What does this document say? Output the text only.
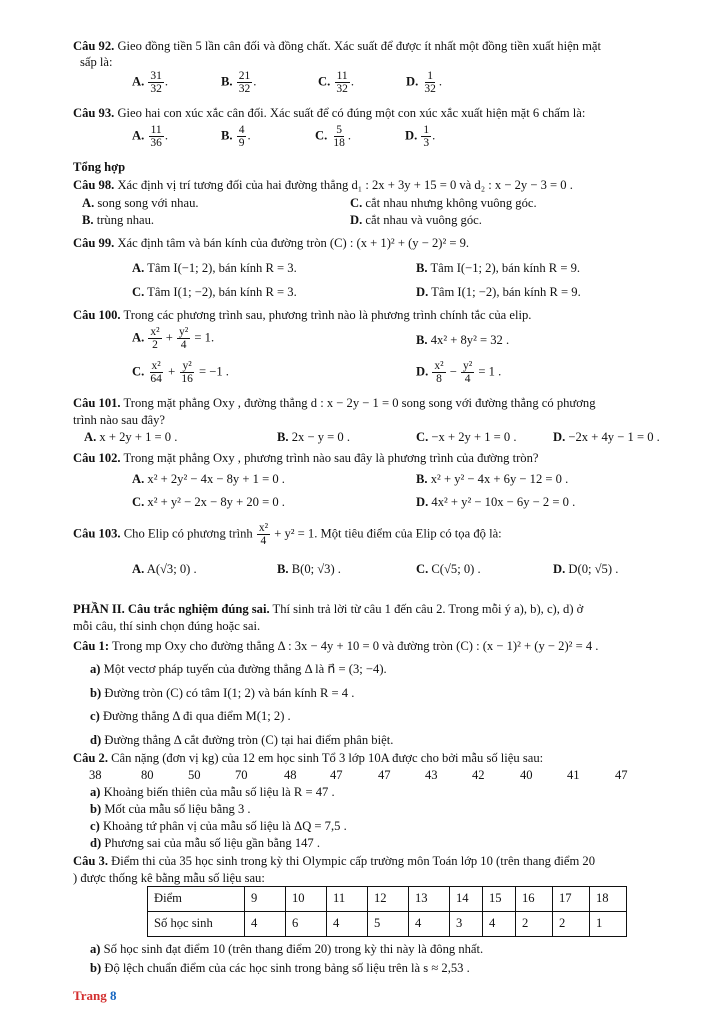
Câu 92. Gieo đồng tiền 5 lần cân đối và đồng chất. Xác suất để được ít nhất một đồng tiền xuất hiện mặt
sấp là:
A. $\frac{31}{32}$ .	B. $\frac{21}{32}$ .	C. $\frac{11}{32}$ .	D. $\frac{1}{32}$ .
Câu 93. Gieo hai con xúc xắc cân đối. Xác suất để có đúng một con xúc xắc xuất hiện mặt 6 chấm là:
A. $\frac{11}{36}$ .	B. $\frac{4}{9}$ .	C. $\frac{5}{18}$ .	D. $\frac{1}{3}$ .
Tổng hợp
Câu 98. Xác định vị trí tương đối của hai đường thẳng d₁ : 2x + 3y + 15 = 0 và d₂ : x − 2y − 3 = 0 .
A. song song với nhau.	C. cắt nhau nhưng không vuông góc.
B. trùng nhau.	D. cắt nhau và vuông góc.
Câu 99. Xác định tâm và bán kính của đường tròn (C) : (x + 1)² + (y − 2)² = 9.
A. Tâm I(−1; 2), bán kính R = 3.	B. Tâm I(−1; 2), bán kính R = 9.
C. Tâm I(1; −2), bán kính R = 3.	D. Tâm I(1; −2), bán kính R = 9.
Câu 100. Trong các phương trình sau, phương trình nào là phương trình chính tắc của elip.
A. $\frac{\text{x²}}{2} + \frac{\text{y²}}{4} = 1$.	B. 4x² + 8y² = 32 .
C. $\frac{\text{x²}}{64} + \frac{\text{y²}}{16} = -1$ .	D. $\frac{\text{x²}}{8} - \frac{\text{y²}}{4} = 1$ .
Câu 101. Trong mặt phẳng Oxy , đường thẳng d : x − 2y − 1 = 0 song song với đường thẳng có phương
trình nào sau đây?
A. x + 2y + 1 = 0 .	B. 2x − y = 0 .	C. −x + 2y + 1 = 0 .	D. −2x + 4y − 1 = 0 .
Câu 102. Trong mặt phẳng Oxy , phương trình nào sau đây là phương trình của đường tròn?
A. x² + 2y² − 4x − 8y + 1 = 0 .	B. x² + y² − 4x + 6y − 12 = 0 .
C. x² + y² − 2x − 8y + 20 = 0 .	D. 4x² + y² − 10x − 6y − 2 = 0 .
Câu 103. Cho Elip có phương trình $\frac{\text{x²}}{4} + y^2 = 1$. Một tiêu điểm của Elip có tọa độ là:
A. A(√3; 0) .	B. B(0; √3) .	C. C(√5; 0) .	D. D(0; √5) .
PHẦN II. Câu trắc nghiệm đúng sai. Thí sinh trả lời từ câu 1 đến câu 2. Trong mỗi ý a), b), c), d) ở
mỗi câu, thí sinh chọn đúng hoặc sai.
Câu 1: Trong mp Oxy cho đường thẳng Δ : 3x − 4y + 10 = 0 và đường tròn (C) : (x − 1)² + (y − 2)² = 4 .
a) Một vectơ pháp tuyến của đường thẳng Δ là n⃗ = (3; −4).
b) Đường tròn (C) có tâm I(1; 2) và bán kính R = 4 .
c) Đường thẳng Δ đi qua điểm M(1; 2) .
d) Đường thẳng Δ cắt đường tròn (C) tại hai điểm phân biệt.
Câu 2. Cân nặng (đơn vị kg) của 12 em học sinh Tổ 3 lớp 10A được cho bởi mẫu số liệu sau:
38	80	50	70	48	47	47	43	42	40	41	47
a) Khoảng biến thiên của mẫu số liệu là R = 47 .
b) Mốt của mẫu số liệu bằng 3 .
c) Khoảng tứ phân vị của mẫu số liệu là ΔQ = 7,5 .
d) Phương sai của mẫu số liệu gần bằng 147 .
Câu 3. Điểm thi của 35 học sinh trong kỳ thi Olympic cấp trường môn Toán lớp 10 (trên thang điểm 20
) được thống kê bằng mẫu số liệu sau:
Điểm	9	10	11	12	13	14	15	16	17	18
Số học sinh	4	6	4	5	4	3	4	2	2	1
a) Số học sinh đạt điểm 10 (trên thang điểm 20) trong kỳ thi này là đông nhất.
b) Độ lệch chuẩn điểm của các học sinh trong bảng số liệu trên là s ≈ 2,53 .
Trang 8
